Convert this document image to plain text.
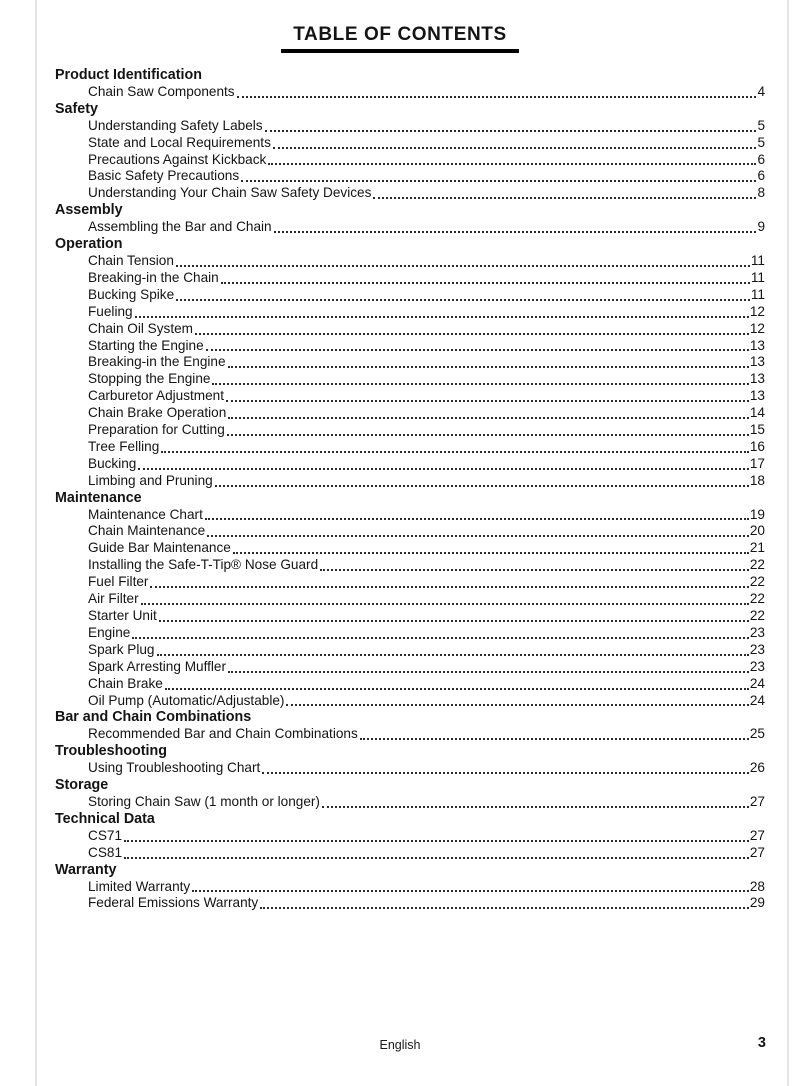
TABLE OF CONTENTS
Product Identification
Chain Saw Components	4
Safety
Understanding Safety Labels	5
State and Local Requirements	5
Precautions Against Kickback	6
Basic Safety Precautions	6
Understanding Your Chain Saw Safety Devices	8
Assembly
Assembling the Bar and Chain	9
Operation
Chain Tension	11
Breaking-in the Chain	11
Bucking Spike	11
Fueling	12
Chain Oil System	12
Starting the Engine	13
Breaking-in the Engine	13
Stopping the Engine	13
Carburetor Adjustment	13
Chain Brake Operation	14
Preparation for Cutting	15
Tree Felling	16
Bucking	17
Limbing and Pruning	18
Maintenance
Maintenance Chart	19
Chain Maintenance	20
Guide Bar Maintenance	21
Installing the Safe-T-Tip® Nose Guard	22
Fuel Filter	22
Air Filter	22
Starter Unit	22
Engine	23
Spark Plug	23
Spark Arresting Muffler	23
Chain Brake	24
Oil Pump (Automatic/Adjustable)	24
Bar and Chain Combinations
Recommended Bar and Chain Combinations	25
Troubleshooting
Using Troubleshooting Chart	26
Storage
Storing Chain Saw (1 month or longer)	27
Technical Data
CS71	27
CS81	27
Warranty
Limited Warranty	28
Federal Emissions Warranty	29
English	3
